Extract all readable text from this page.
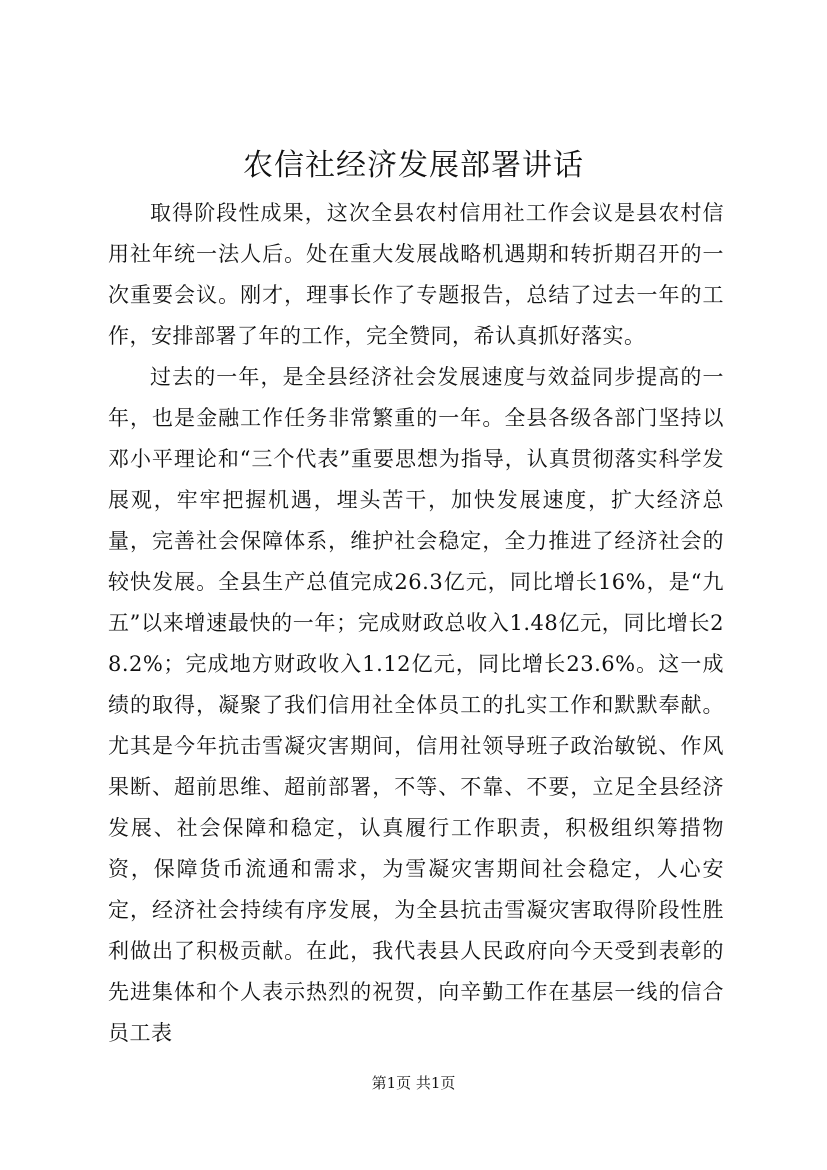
农信社经济发展部署讲话

取得阶段性成果，这次全县农村信用社工作会议是县农村信用社年统一法人后。处在重大发展战略机遇期和转折期召开的一次重要会议。刚才，理事长作了专题报告，总结了过去一年的工作，安排部署了年的工作，完全赞同，希认真抓好落实。

过去的一年，是全县经济社会发展速度与效益同步提高的一年，也是金融工作任务非常繁重的一年。全县各级各部门坚持以邓小平理论和“三个代表”重要思想为指导，认真贯彻落实科学发展观，牢牢把握机遇，埋头苦干，加快发展速度，扩大经济总量，完善社会保障体系，维护社会稳定，全力推进了经济社会的较快发展。全县生产总值完成26.3亿元，同比增长16%，是“九五”以来增速最快的一年；完成财政总收入1.48亿元，同比增长28.2%；完成地方财政收入1.12亿元，同比增长23.6%。这一成绩的取得，凝聚了我们信用社全体员工的扎实工作和默默奉献。尤其是今年抗击雪凝灾害期间，信用社领导班子政治敏锐、作风果断、超前思维、超前部署，不等、不靠、不要，立足全县经济发展、社会保障和稳定，认真履行工作职责，积极组织筹措物资，保障货币流通和需求，为雪凝灾害期间社会稳定，人心安定，经济社会持续有序发展，为全县抗击雪凝灾害取得阶段性胜利做出了积极贡献。在此，我代表县人民政府向今天受到表彰的先进集体和个人表示热烈的祝贺，向辛勤工作在基层一线的信合员工表

第1页 共1页
